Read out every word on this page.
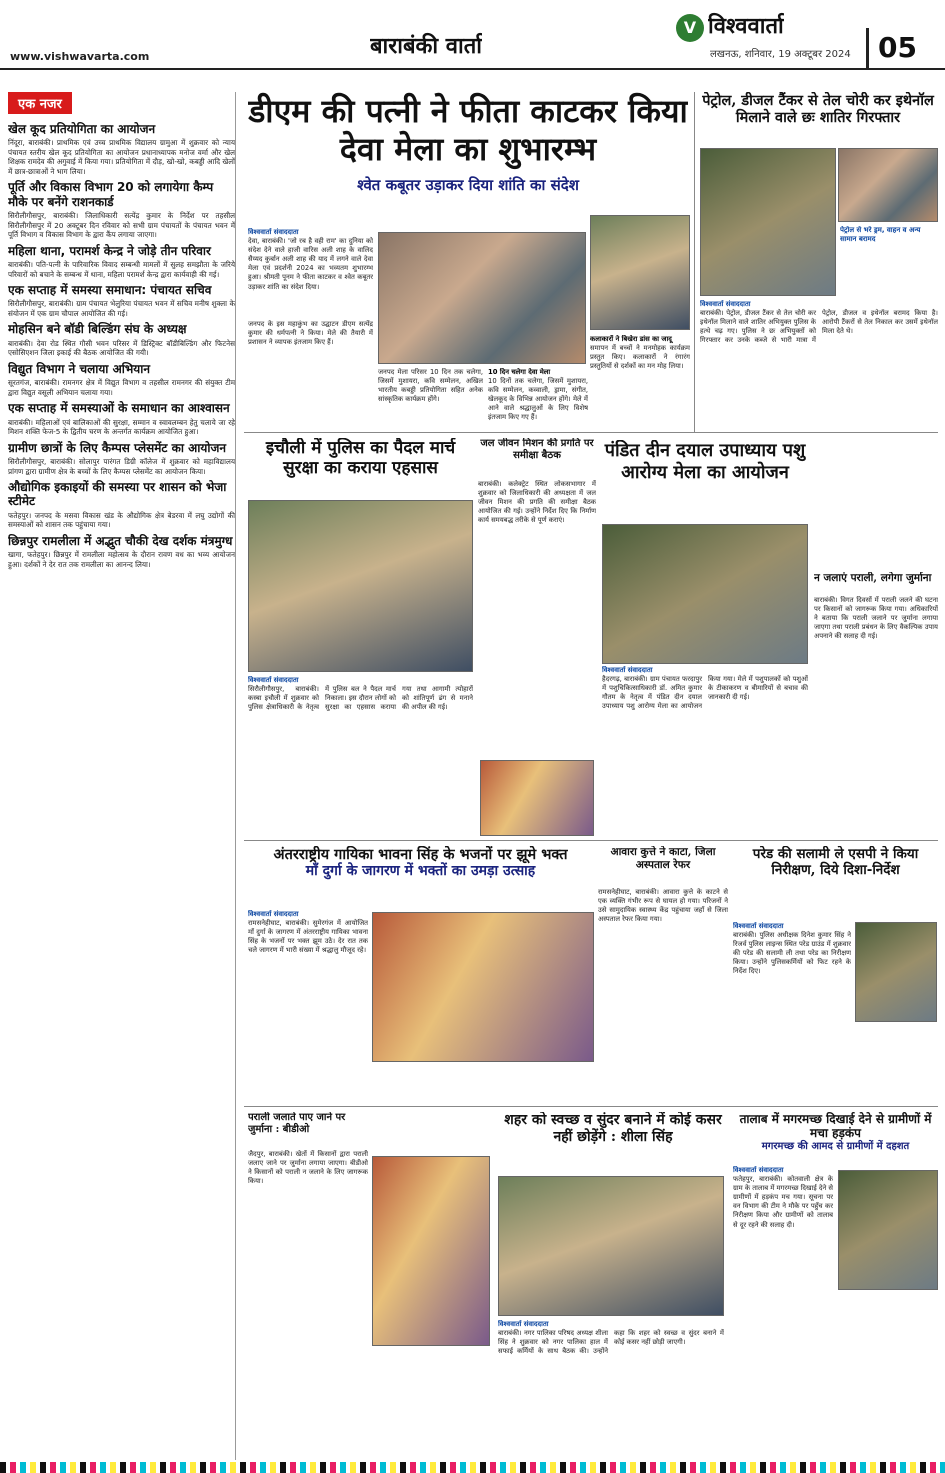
www.vishwavarta.com	बाराबंकी वार्ता
V विश्ववार्ता
लखनऊ, शनिवार, 19 अक्टूबर 2024 05
एक नजर
खेल कूद प्रतियोगिता का आयोजन
निंदूरा, बाराबंकी। प्राथमिक एवं उच्च प्राथमिक विद्यालय ग्रामुआ में शुक्रवार को न्याय पंचायत स्तरीय खेल कूद प्रतियोगिता का आयोजन प्रधानाध्यापक मनोज वर्मा और खेल शिक्षक रामदेव की अगुवाई में किया गया। प्रतियोगिता में दौड़, खो-खो, कबड्डी आदि खेलों में छात्र-छात्राओं ने भाग लिया।
पूर्ति और विकास विभाग 20 को लगायेगा कैम्प मौके पर बनेंगे राशनकार्ड
सिरौलीगौसपुर, बाराबंकी। जिलाधिकारी सत्येंद्र कुमार के निर्देश पर तहसील सिरौलीगौसपुर में 20 अक्टूबर दिन रविवार को सभी ग्राम पंचायतों के पंचायत भवन में पूर्ति विभाग व विकास विभाग के द्वारा कैंप लगाया जाएगा।
महिला थाना, परामर्श केन्द्र ने जोड़े तीन परिवार
बाराबंकी। पति-पत्नी के पारिवारिक विवाद सम्बन्धी मामलों में सुलह समझौता के जरिये परिवारों को बचाने के सम्बन्ध में थाना, महिला परामर्श केन्द्र द्वारा कार्यवाही की गई।
एक सप्ताह में समस्या समाधान: पंचायत सचिव
सिरौलीगौसपुर, बाराबंकी। ग्राम पंचायत भेलुरिया पंचायत भवन में सचिव मनीष शुक्ला के संयोजन में एक ग्राम चौपाल आयोजित की गई।
मोहसिन बने बॉडी बिल्डिंग संघ के अध्यक्ष
बाराबंकी। देवा रोड स्थित गौसी भवन परिसर में डिस्ट्रिक्ट बॉडीबिल्डिंग और फिटनेस एसोसिएशन जिला इकाई की बैठक आयोजित की गयी।
विद्युत विभाग ने चलाया अभियान
सूरतगंज, बाराबंकी। रामनगर क्षेत्र में विद्युत विभाग व तहसील रामनगर की संयुक्त टीम द्वारा विद्युत वसूली अभियान चलाया गया।
एक सप्ताह में समस्याओं के समाधान का आश्वासन
बाराबंकी। महिलाओं एवं बालिकाओं की सुरक्षा, सम्मान व स्वावलम्बन हेतु चलाये जा रहे मिशन शक्ति फेज-5 के द्वितीय चरण के अन्तर्गत कार्यक्रम आयोजित हुआ।
ग्रामीण छात्रों के लिए कैम्पस प्लेसमेंट का आयोजन
सिरौलीगौसपुर, बाराबंकी। सोलापुर पारंगत डिग्री कॉलेज में शुक्रवार को महाविद्यालय प्रांगण द्वारा ग्रामीण क्षेत्र के बच्चों के लिए कैम्पस प्लेसमेंट का आयोजन किया।
औद्योगिक इकाइयों की समस्या पर शासन को भेजा स्टीमेट
फतेहपुर। जनपद के मसवा विकास खंड के औद्योगिक क्षेत्र बेडरवा में लघु उद्योगों की समस्याओं को शासन तक पहुंचाया गया।
छिन्नपुर रामलीला में अद्भुत चौकी देख दर्शक मंत्रमुग्ध
खागा, फतेहपुर। छिन्नपुर में रामलीला महोत्सव के दौरान रावण वध का भव्य आयोजन हुआ। दर्शकों ने देर रात तक रामलीला का आनन्द लिया।
डीएम की पत्नी ने फीता काटकर किया देवा मेला का शुभारम्भ
श्वेत कबूतर उड़ाकर दिया शांति का संदेश
विश्ववार्ता संवाददाता
देवा, बाराबंकी। 'जो रब है वही राम' का दुनिया को संदेश देने वाले हाजी वारिस अली शाह के वालिद सैय्यद कुर्बान अली शाह की याद में लगने वाले देवा मेला एवं प्रदर्शनी 2024 का भव्यतम शुभारम्भ हुआ। श्रीमती पूनम ने फीता काटकर व श्वेत कबूतर उड़ाकर शांति का संदेश दिया।
जनपद के इस महाकुंभ का उद्घाटन डीएम सत्येंद्र कुमार की धर्मपत्नी ने किया। मेले की तैयारी में प्रशासन ने व्यापक इंतजाम किए हैं।
जनपद मेला परिसर 10 दिन तक चलेगा, जिसमें मुशायरा, कवि सम्मेलन, अखिल भारतीय कबड्डी प्रतियोगिता सहित अनेक सांस्कृतिक कार्यक्रम होंगे।
10 दिन चलेगा देवा मेला
10 दिनों तक चलेगा, जिसमें मुशायरा, कवि सम्मेलन, कव्वाली, ड्रामा, संगीत, खेलकूद के विभिन्न आयोजन होंगे। मेले में आने वाले श्रद्धालुओं के लिए विशेष इंतजाम किए गए हैं।
कलाकारों ने बिखेरा डांस का जादू
समापन में बच्चों ने मनमोहक कार्यक्रम प्रस्तुत किए। कलाकारों ने रंगारंग प्रस्तुतियों से दर्शकों का मन मोह लिया।
पेट्रोल, डीजल टैंकर से तेल चोरी कर इथेनॉल मिलाने वाले छः शातिर गिरफ्तार
पेट्रोल से भरे ड्रम, वाहन व अन्य सामान बरामद
विश्ववार्ता संवाददाता
बाराबंकी। पेट्रोल, डीजल टैंकर से तेल चोरी कर इथेनॉल मिलाने वाले शातिर अभियुक्त पुलिस के हत्थे चढ़ गए। पुलिस ने छः अभियुक्तों को गिरफ्तार कर उनके कब्जे से भारी मात्रा में पेट्रोल, डीजल व इथेनॉल बरामद किया है। आरोपी टैंकरों से तेल निकाल कर उसमें इथेनॉल मिला देते थे।
इचौली में पुलिस का पैदल मार्च सुरक्षा का कराया एहसास
विश्ववार्ता संवाददाता
सिरौलीगौसपुर, बाराबंकी। कस्बा इचौली में शुक्रवार को पुलिस क्षेत्राधिकारी के नेतृत्व में पुलिस बल ने पैदल मार्च निकाला। इस दौरान लोगों को सुरक्षा का एहसास कराया गया तथा आगामी त्योहारों को शांतिपूर्ण ढंग से मनाने की अपील की गई।
जल जीवन मिशन की प्रगति पर समीक्षा बैठक
बाराबंकी। कलेक्ट्रेट स्थित लोकसभागार में शुक्रवार को जिलाधिकारी की अध्यक्षता में जल जीवन मिशन की प्रगति की समीक्षा बैठक आयोजित की गई। उन्होंने निर्देश दिए कि निर्माण कार्य समयबद्ध तरीके से पूर्ण कराएं।
पंडित दीन दयाल उपाध्याय पशु आरोग्य मेला का आयोजन
विश्ववार्ता संवाददाता
हैदरगढ़, बाराबंकी। ग्राम पंचायत फरदापुर में पशुचिकित्साधिकारी डॉ. अमित कुमार गौतम के नेतृत्व में पंडित दीन दयाल उपाध्याय पशु आरोग्य मेला का आयोजन किया गया। मेले में पशुपालकों को पशुओं के टीकाकरण व बीमारियों से बचाव की जानकारी दी गई।
न जलाएं पराली, लगेगा जुर्माना
बाराबंकी। विगत दिवसों में पराली जलने की घटना पर किसानों को जागरूक किया गया। अधिकारियों ने बताया कि पराली जलाने पर जुर्माना लगाया जाएगा तथा पराली प्रबंधन के लिए वैकल्पिक उपाय अपनाने की सलाह दी गई।
अंतरराष्ट्रीय गायिका भावना सिंह के भजनों पर झूमे भक्त
माँ दुर्गा के जागरण में भक्तों का उमड़ा उत्साह
विश्ववार्ता संवाददाता
रामसनेहीघाट, बाराबंकी। सुमेरगंज में आयोजित माँ दुर्गा के जागरण में अंतरराष्ट्रीय गायिका भावना सिंह के भजनों पर भक्त झूम उठे। देर रात तक चले जागरण में भारी संख्या में श्रद्धालु मौजूद रहे।
आवारा कुत्ते ने काटा, जिला अस्पताल रेफर
रामसनेहीघाट, बाराबंकी। आवारा कुत्ते के काटने से एक व्यक्ति गंभीर रूप से घायल हो गया। परिजनों ने उसे सामुदायिक स्वास्थ्य केंद्र पहुंचाया जहाँ से जिला अस्पताल रेफर किया गया।
परेड की सलामी ले एसपी ने किया निरीक्षण, दिये दिशा-निर्देश
विश्ववार्ता संवाददाता
बाराबंकी। पुलिस अधीक्षक दिनेश कुमार सिंह ने रिजर्व पुलिस लाइन्स स्थित परेड ग्राउंड में शुक्रवार की परेड की सलामी ली तथा परेड का निरीक्षण किया। उन्होंने पुलिसकर्मियों को फिट रहने के निर्देश दिए।
पराली जलाते पाए जाने पर जुर्माना : बीडीओ
जैदपुर, बाराबंकी। खेतों में किसानों द्वारा पराली जलाए जाने पर जुर्माना लगाया जाएगा। बीडीओ ने किसानों को पराली न जलाने के लिए जागरूक किया।
शहर को स्वच्छ व सुंदर बनाने में कोई कसर नहीं छोड़ेंगे : शीला सिंह
विश्ववार्ता संवाददाता
बाराबंकी। नगर पालिका परिषद अध्यक्ष शीला सिंह ने शुक्रवार को नगर पालिका हाल में सफाई कर्मियों के साथ बैठक की। उन्होंने कहा कि शहर को स्वच्छ व सुंदर बनाने में कोई कसर नहीं छोड़ी जाएगी।
तालाब में मगरमच्छ दिखाई देने से ग्रामीणों में मचा हड़कंप
मगरमच्छ की आमद से ग्रामीणों में दहशत
विश्ववार्ता संवाददाता
फतेहपुर, बाराबंकी। कोतवाली क्षेत्र के ग्राम के तालाब में मगरमच्छ दिखाई देने से ग्रामीणों में हड़कंप मच गया। सूचना पर वन विभाग की टीम ने मौके पर पहुँच कर निरीक्षण किया और ग्रामीणों को तालाब से दूर रहने की सलाह दी।
